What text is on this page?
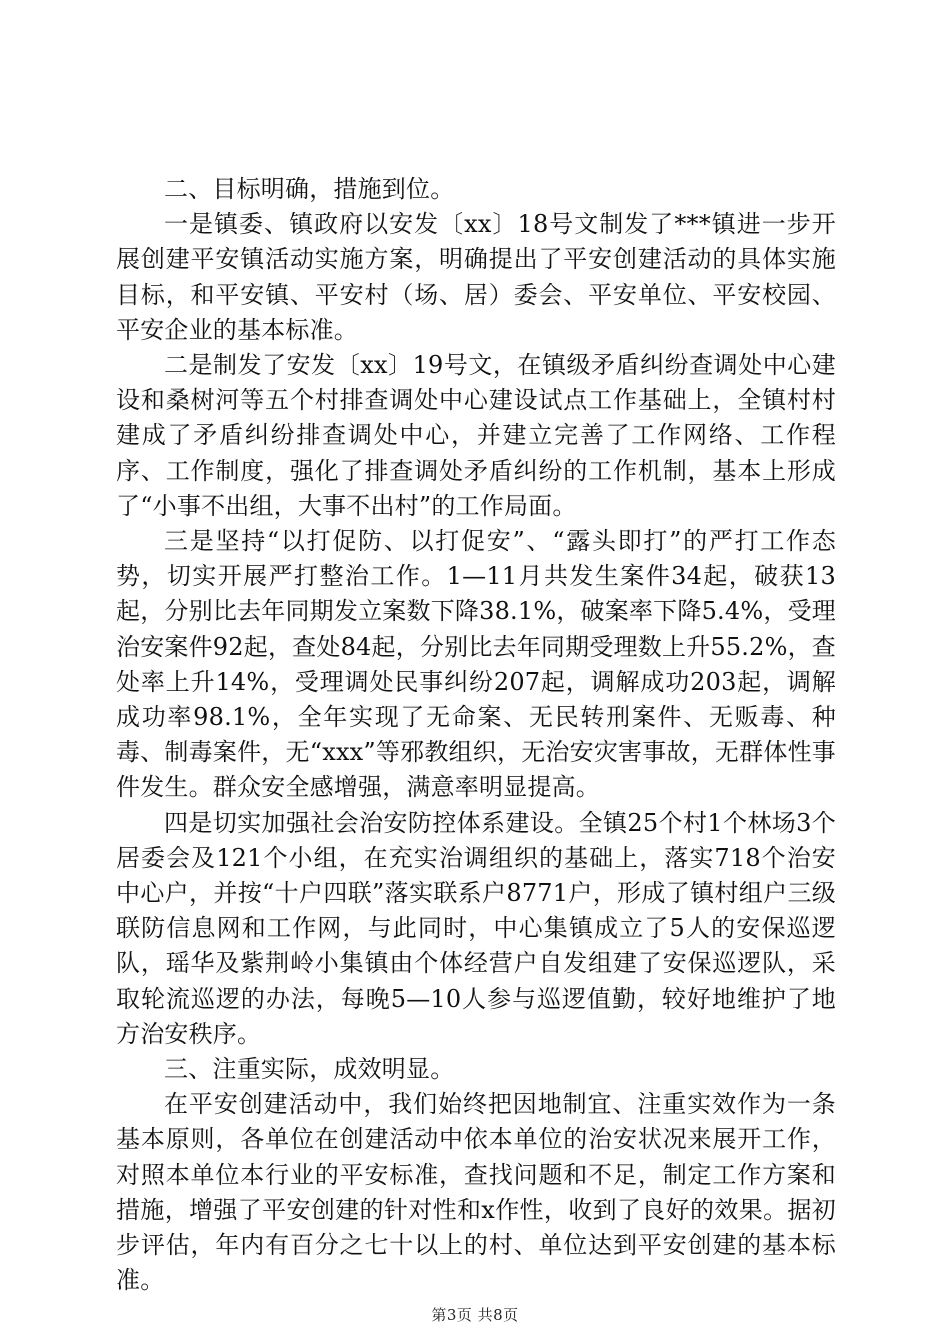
二、目标明确，措施到位。

一是镇委、镇政府以安发〔xx〕18号文制发了***镇进一步开展创建平安镇活动实施方案，明确提出了平安创建活动的具体实施目标，和平安镇、平安村（场、居）委会、平安单位、平安校园、平安企业的基本标准。

二是制发了安发〔xx〕19号文，在镇级矛盾纠纷查调处中心建设和桑树河等五个村排查调处中心建设试点工作基础上，全镇村村建成了矛盾纠纷排查调处中心，并建立完善了工作网络、工作程序、工作制度，强化了排查调处矛盾纠纷的工作机制，基本上形成了“小事不出组，大事不出村”的工作局面。

三是坚持“以打促防、以打促安”、“露头即打”的严打工作态势，切实开展严打整治工作。1—11月共发生案件34起，破获13起，分别比去年同期发立案数下降38.1%，破案率下降5.4%，受理治安案件92起，查处84起，分别比去年同期受理数上升55.2%，查处率上升14%，受理调处民事纠纷207起，调解成功203起，调解成功率98.1%，全年实现了无命案、无民转刑案件、无贩毒、种毒、制毒案件，无“xxx”等邪教组织，无治安灾害事故，无群体性事件发生。群众安全感增强，满意率明显提高。

四是切实加强社会治安防控体系建设。全镇25个村1个林场3个居委会及121个小组，在充实治调组织的基础上，落实718个治安中心户，并按“十户四联”落实联系户8771户，形成了镇村组户三级联防信息网和工作网，与此同时，中心集镇成立了5人的安保巡逻队，瑶华及紫荆岭小集镇由个体经营户自发组建了安保巡逻队，采取轮流巡逻的办法，每晚5—10人参与巡逻值勤，较好地维护了地方治安秩序。

三、注重实际，成效明显。

在平安创建活动中，我们始终把因地制宜、注重实效作为一条基本原则，各单位在创建活动中依本单位的治安状况来展开工作，对照本单位本行业的平安标准，查找问题和不足，制定工作方案和措施，增强了平安创建的针对性和x作性，收到了良好的效果。据初步评估，年内有百分之七十以上的村、单位达到平安创建的基本标准。

第3页 共8页
